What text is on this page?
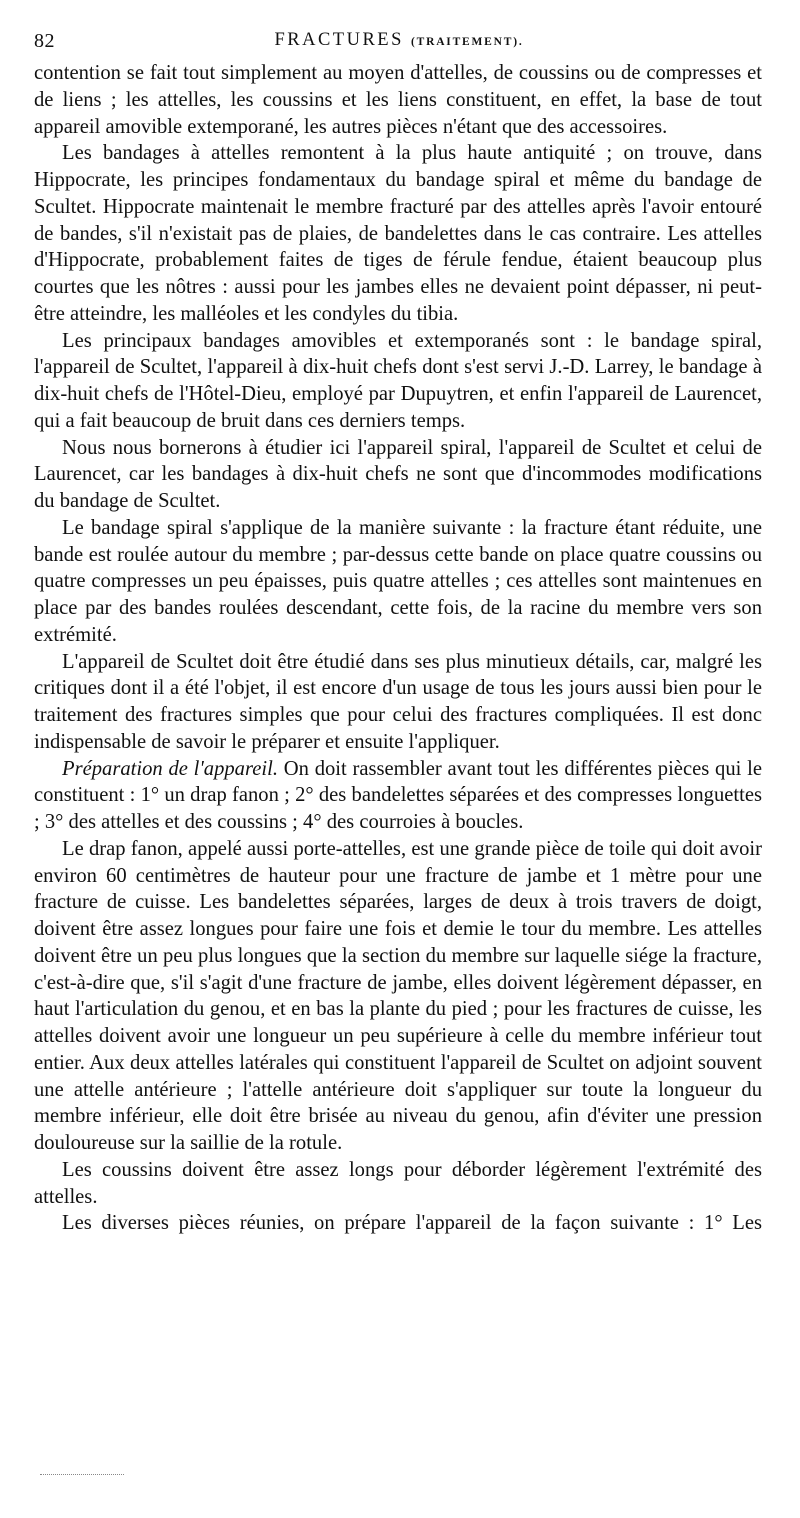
82	FRACTURES (TRAITEMENT).

contention se fait tout simplement au moyen d'attelles, de coussins ou de compresses et de liens ; les attelles, les coussins et les liens constituent, en effet, la base de tout appareil amovible extemporané, les autres pièces n'étant que des accessoires.

Les bandages à attelles remontent à la plus haute antiquité ; on trouve, dans Hippocrate, les principes fondamentaux du bandage spiral et même du bandage de Scultet. Hippocrate maintenait le membre fracturé par des attelles après l'avoir entouré de bandes, s'il n'existait pas de plaies, de bandelettes dans le cas contraire. Les attelles d'Hippocrate, probablement faites de tiges de férule fendue, étaient beaucoup plus courtes que les nôtres : aussi pour les jambes elles ne devaient point dépasser, ni peut-être atteindre, les malléoles et les condyles du tibia.

Les principaux bandages amovibles et extemporanés sont : le bandage spiral, l'appareil de Scultet, l'appareil à dix-huit chefs dont s'est servi J.-D. Larrey, le bandage à dix-huit chefs de l'Hôtel-Dieu, employé par Dupuytren, et enfin l'appareil de Laurencet, qui a fait beaucoup de bruit dans ces derniers temps.

Nous nous bornerons à étudier ici l'appareil spiral, l'appareil de Scultet et celui de Laurencet, car les bandages à dix-huit chefs ne sont que d'incommodes modifications du bandage de Scultet.

Le bandage spiral s'applique de la manière suivante : la fracture étant réduite, une bande est roulée autour du membre ; par-dessus cette bande on place quatre coussins ou quatre compresses un peu épaisses, puis quatre attelles ; ces attelles sont maintenues en place par des bandes roulées descendant, cette fois, de la racine du membre vers son extrémité.

L'appareil de Scultet doit être étudié dans ses plus minutieux détails, car, malgré les critiques dont il a été l'objet, il est encore d'un usage de tous les jours aussi bien pour le traitement des fractures simples que pour celui des fractures compliquées. Il est donc indispensable de savoir le préparer et ensuite l'appliquer.

Préparation de l'appareil. On doit rassembler avant tout les différentes pièces qui le constituent : 1° un drap fanon ; 2° des bandelettes séparées et des compresses longuettes ; 3° des attelles et des coussins ; 4° des courroies à boucles.

Le drap fanon, appelé aussi porte-attelles, est une grande pièce de toile qui doit avoir environ 60 centimètres de hauteur pour une fracture de jambe et 1 mètre pour une fracture de cuisse. Les bandelettes séparées, larges de deux à trois travers de doigt, doivent être assez longues pour faire une fois et demie le tour du membre. Les attelles doivent être un peu plus longues que la section du membre sur laquelle siége la fracture, c'est-à-dire que, s'il s'agit d'une fracture de jambe, elles doivent légèrement dépasser, en haut l'articulation du genou, et en bas la plante du pied ; pour les fractures de cuisse, les attelles doivent avoir une longueur un peu supérieure à celle du membre inférieur tout entier. Aux deux attelles latérales qui constituent l'appareil de Scultet on adjoint souvent une attelle antérieure ; l'attelle antérieure doit s'appliquer sur toute la longueur du membre inférieur, elle doit être brisée au niveau du genou, afin d'éviter une pression douloureuse sur la saillie de la rotule.

Les coussins doivent être assez longs pour déborder légèrement l'extrémité des attelles.

Les diverses pièces réunies, on prépare l'appareil de la façon suivante : 1° Les
